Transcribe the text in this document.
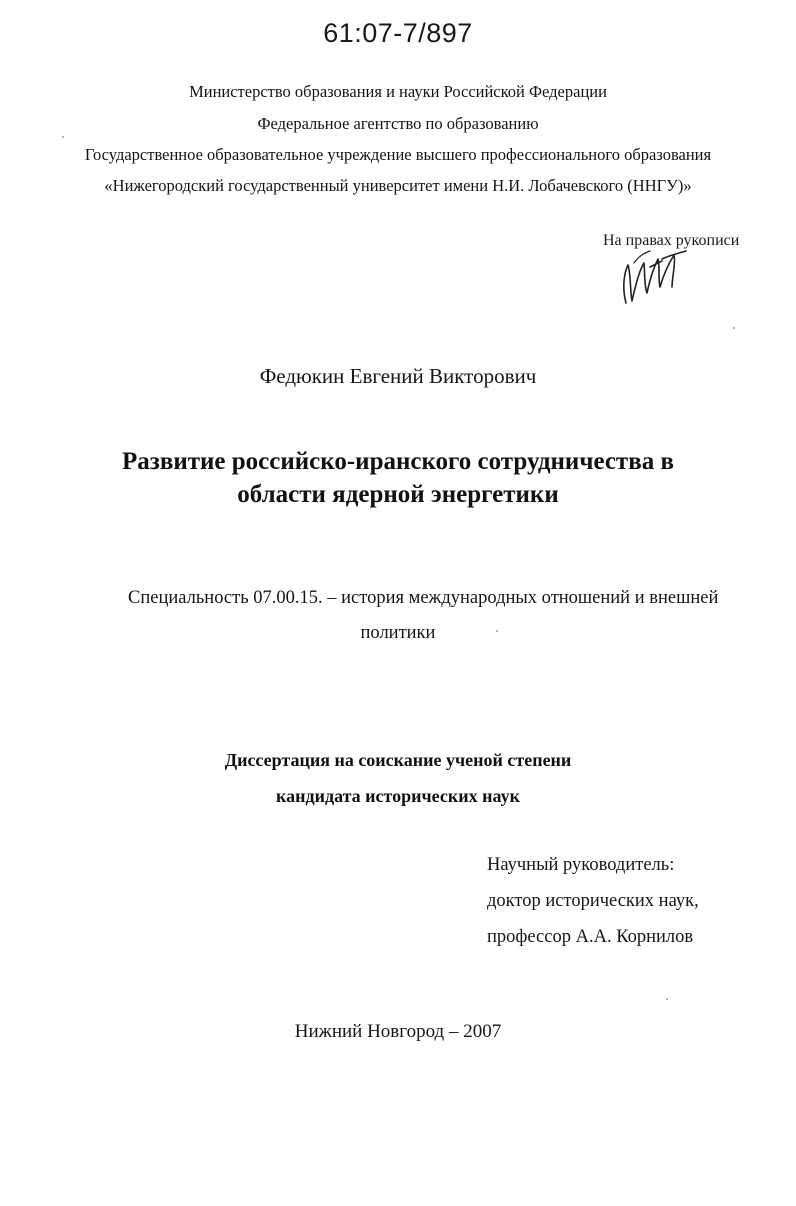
61:07-7/897
Министерство образования и науки Российской Федерации
Федеральное агентство по образованию
Государственное образовательное учреждение высшего профессионального образования
«Нижегородский государственный университет имени Н.И. Лобачевского (ННГУ)»
На правах рукописи
Федюкин Евгений Викторович
Развитие российско-иранского сотрудничества в
области ядерной энергетики
Специальность 07.00.15. – история международных отношений и внешней
политики
Диссертация на соискание ученой степени
кандидата исторических наук
Научный руководитель:
доктор исторических наук,
профессор А.А. Корнилов
Нижний Новгород – 2007
